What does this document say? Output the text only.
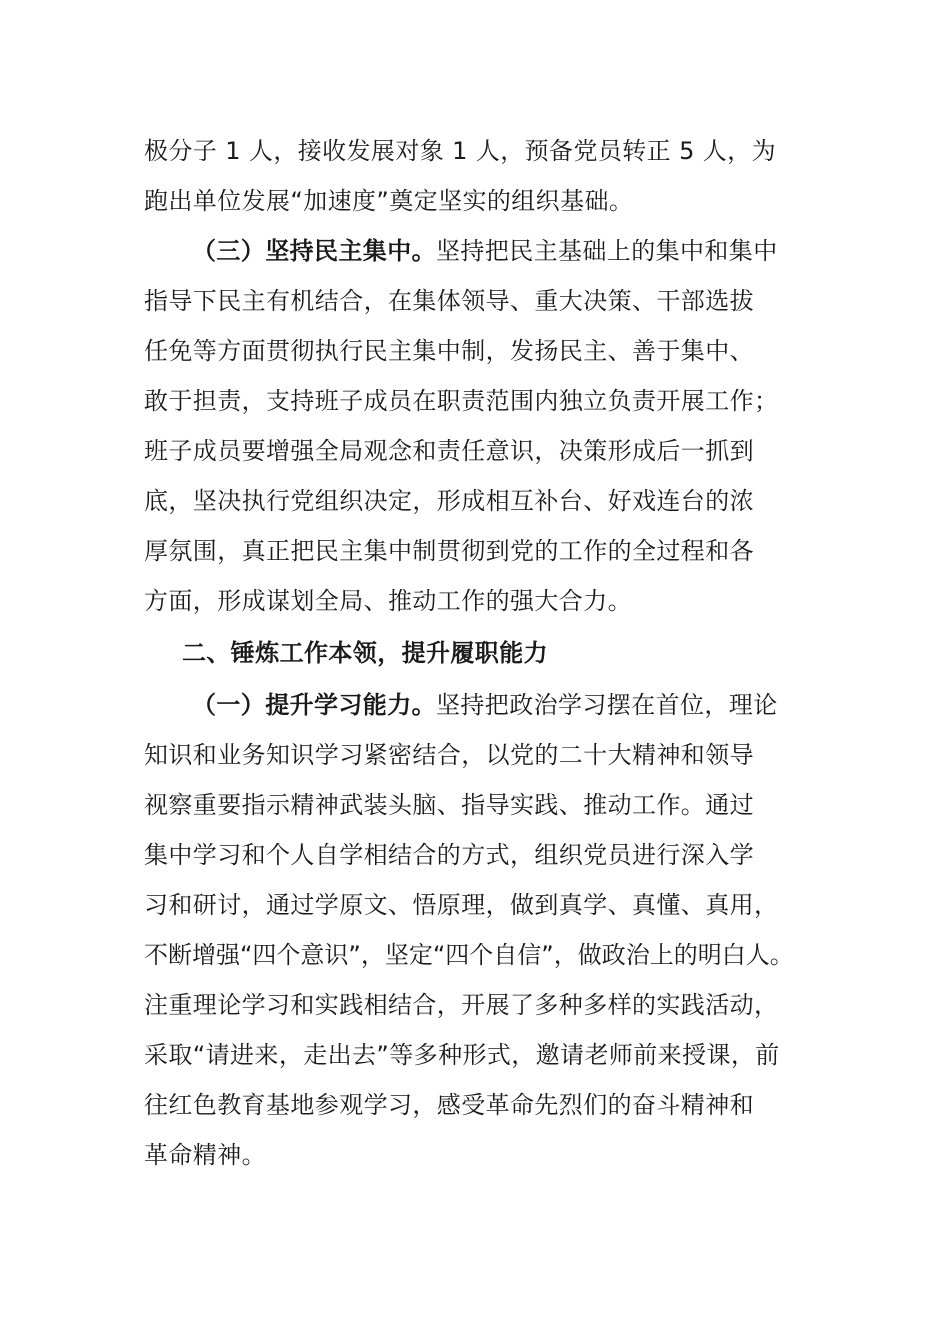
极分子 1 人，接收发展对象 1 人，预备党员转正 5 人，为
跑出单位发展“加速度”奠定坚实的组织基础。
（三）坚持民主集中。坚持把民主基础上的集中和集中
指导下民主有机结合，在集体领导、重大决策、干部选拔
任免等方面贯彻执行民主集中制，发扬民主、善于集中、
敢于担责，支持班子成员在职责范围内独立负责开展工作；
班子成员要增强全局观念和责任意识，决策形成后一抓到
底，坚决执行党组织决定，形成相互补台、好戏连台的浓
厚氛围，真正把民主集中制贯彻到党的工作的全过程和各
方面，形成谋划全局、推动工作的强大合力。
二、锤炼工作本领，提升履职能力
（一）提升学习能力。坚持把政治学习摆在首位，理论
知识和业务知识学习紧密结合，以党的二十大精神和领导
视察重要指示精神武装头脑、指导实践、推动工作。通过
集中学习和个人自学相结合的方式，组织党员进行深入学
习和研讨，通过学原文、悟原理，做到真学、真懂、真用，
不断增强“四个意识”，坚定“四个自信”，做政治上的明白人。
注重理论学习和实践相结合，开展了多种多样的实践活动，
采取“请进来，走出去”等多种形式，邀请老师前来授课，前
往红色教育基地参观学习，感受革命先烈们的奋斗精神和
革命精神。
